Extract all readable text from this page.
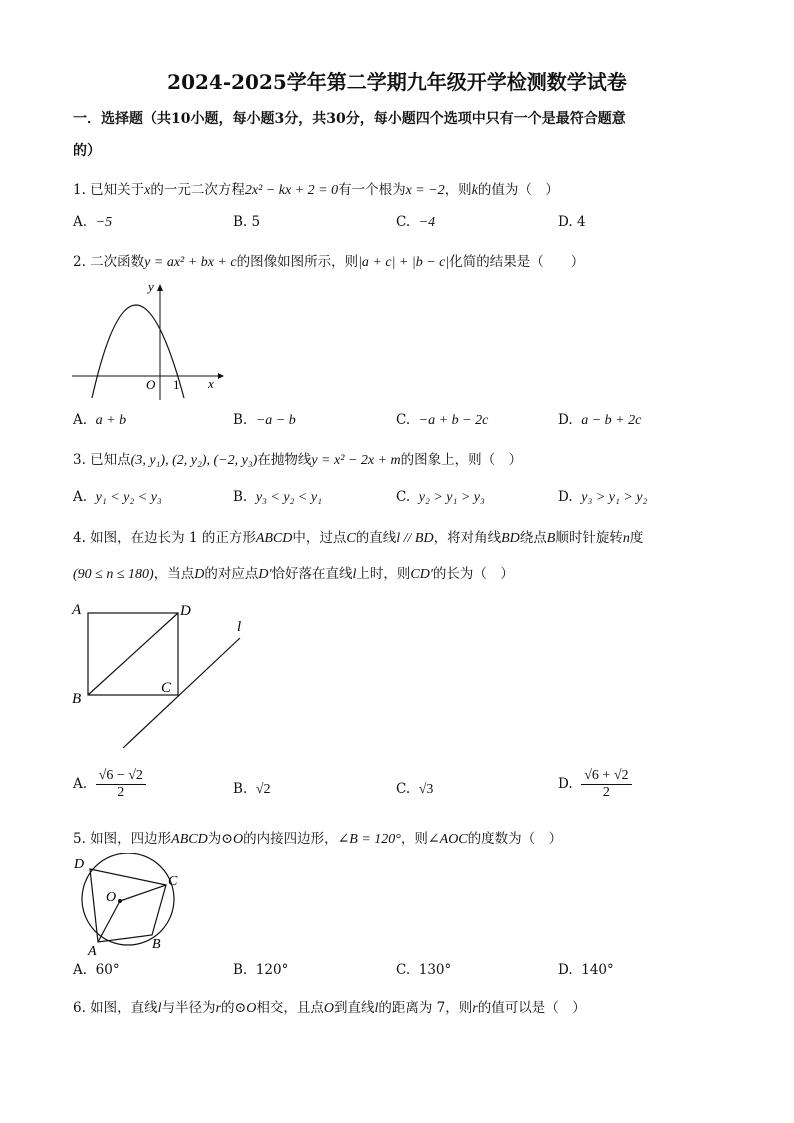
2024-2025学年第二学期九年级开学检测数学试卷
一．选择题（共10小题，每小题3分，共30分，每小题四个选项中只有一个是最符合题意
的）
1. 已知关于x的一元二次方程2x² − kx + 2 = 0有一个根为x = −2，则k的值为（　）
A. −5	B. 5	C. −4	D. 4
2. 二次函数y = ax² + bx + c的图像如图所示，则|a + c| + |b − c|化简的结果是（　　）
y
x
O 1
A. a + b	B. −a − b	C. −a + b − 2c	D. a − b + 2c
3. 已知点(3, y₁), (2, y₂), (−2, y₃)在抛物线y = x² − 2x + m的图象上，则（　）
A. y₁ < y₂ < y₃	B. y₃ < y₂ < y₁	C. y₂ > y₁ > y₃	D. y₃ > y₁ > y₂
4. 如图，在边长为 1 的正方形ABCD中，过点C的直线l // BD，将对角线BD绕点B顺时针旋转n度
(90 ≤ n ≤ 180)，当点D的对应点D′恰好落在直线l上时，则CD′的长为（　）
A	D
B
C
l
A. $\frac{√6 - √2}{2}$	B. √2	C. √3	D. $\frac{√6 + √2}{2}$
5. 如图，四边形ABCD为⊙O的内接四边形，∠B = 120°，则∠AOC的度数为（　）
D
C
O
A	B
A. 60°	B. 120°	C. 130°	D. 140°
6. 如图，直线l与半径为r的⊙O相交，且点O到直线l的距离为 7，则r的值可以是（　）
